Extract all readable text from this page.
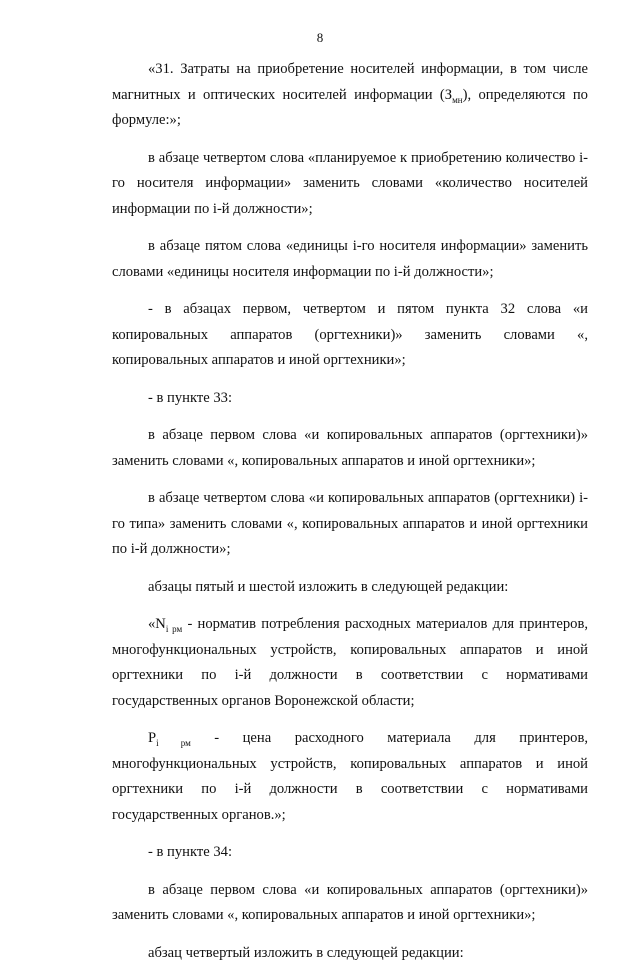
8

«31. Затраты на приобретение носителей информации, в том числе магнитных и оптических носителей информации $(З_{мн})$, определяются по формуле:»;

в абзаце четвертом слова «планируемое к приобретению количество i-го носителя информации» заменить словами «количество носителей информации по i-й должности»;

в абзаце пятом слова «единицы i-го носителя информации» заменить словами «единицы носителя информации по i-й должности»;

- в абзацах первом, четвертом и пятом пункта 32 слова «и копировальных аппаратов (оргтехники)» заменить словами «, копировальных аппаратов и иной оргтехники»;

- в пункте 33:

в абзаце первом слова «и копировальных аппаратов (оргтехники)» заменить словами «, копировальных аппаратов и иной оргтехники»;

в абзаце четвертом слова «и копировальных аппаратов (оргтехники) i-го типа» заменить словами «, копировальных аппаратов и иной оргтехники по i-й должности»;

абзацы пятый и шестой изложить в следующей редакции:

«$N_{i рм}$ - норматив потребления расходных материалов для принтеров, многофункциональных устройств, копировальных аппаратов и иной оргтехники по i-й должности в соответствии с нормативами государственных органов Воронежской области;

$P_{i рм}$ - цена расходного материала для принтеров, многофункциональных устройств, копировальных аппаратов и иной оргтехники по i-й должности в соответствии с нормативами государственных органов.»;

- в пункте 34:

в абзаце первом слова «и копировальных аппаратов (оргтехники)» заменить словами «, копировальных аппаратов и иной оргтехники»;

абзац четвертый изложить в следующей редакции:
